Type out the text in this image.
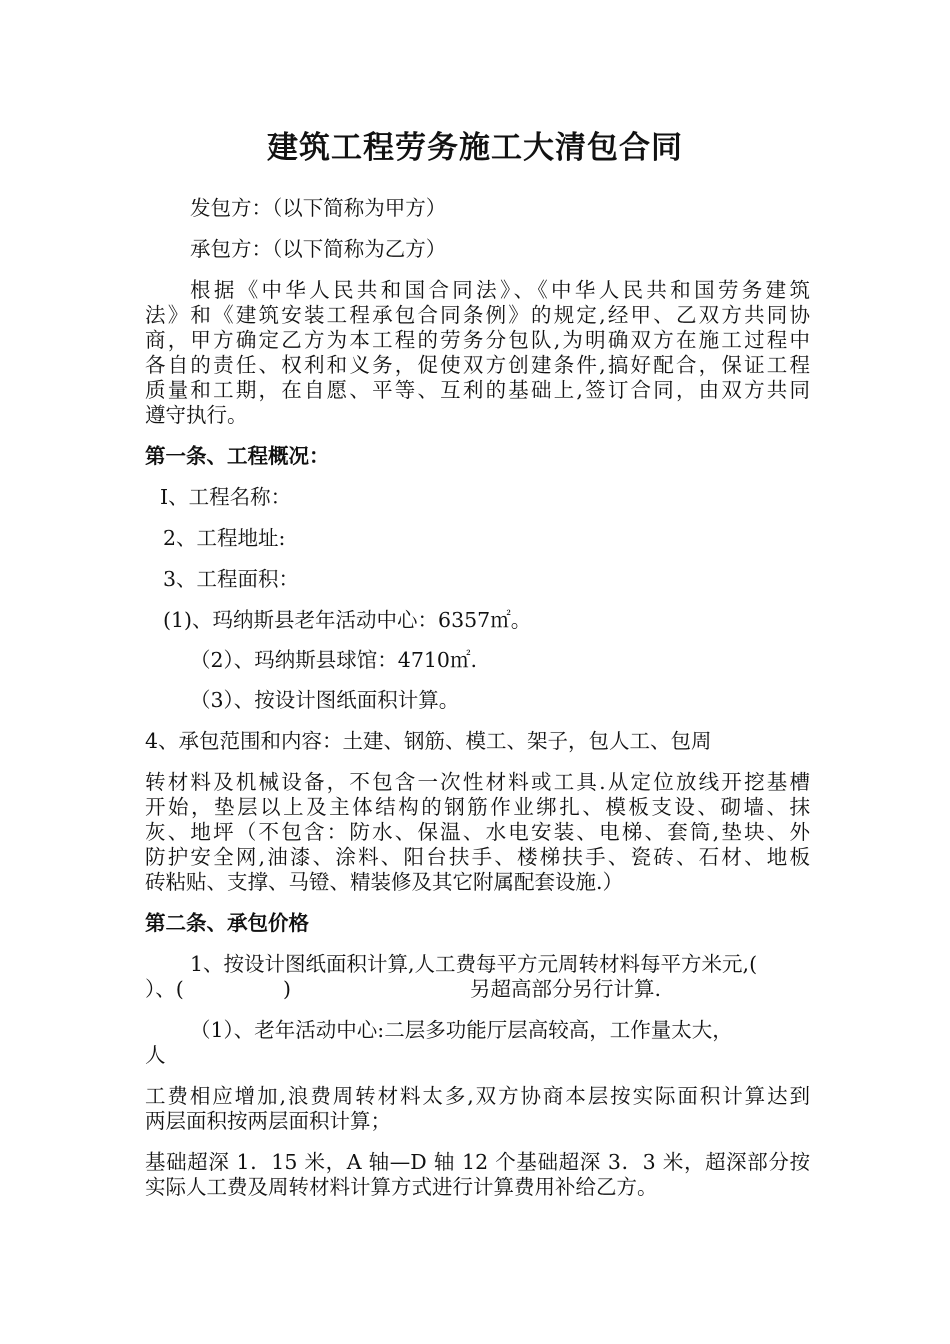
建筑工程劳务施工大清包合同
发包方：（以下简称为甲方）
承包方：（以下简称为乙方）
根据《中华人民共和国合同法》、《中华人民共和国劳务建筑
法》和《建筑安装工程承包合同条例》的规定,经甲、乙双方共同协
商，甲方确定乙方为本工程的劳务分包队,为明确双方在施工过程中
各自的责任、权利和义务，促使双方创建条件,搞好配合，保证工程
质量和工期，在自愿、平等、互利的基础上,签订合同，由双方共同
遵守执行。
第一条、工程概况：
I、工程名称：
2、工程地址:
3、工程面积：
(1)、玛纳斯县老年活动中心：6357㎡。
（2）、玛纳斯县球馆：4710㎡.
（3）、按设计图纸面积计算。
4、承包范围和内容：土建、钢筋、模工、架子，包人工、包周
转材料及机械设备，不包含一次性材料或工具.从定位放线开挖基槽
开始，垫层以上及主体结构的钢筋作业绑扎、模板支设、砌墙、抹
灰、地坪（不包含：防水、保温、水电安装、电梯、套筒,垫块、外
防护安全网,油漆、涂料、阳台扶手、楼梯扶手、瓷砖、石材、地板
砖粘贴、支撑、马镫、精装修及其它附属配套设施.）
第二条、承包价格
1、按设计图纸面积计算,人工费每平方元周转材料每平方米元,(
）、(	)	另超高部分另行计算.
（1）、老年活动中心:二层多功能厅层高较高，工作量太大，
人
工费相应增加,浪费周转材料太多,双方协商本层按实际面积计算达到
两层面积按两层面积计算；
基础超深 1．15 米，A 轴—D 轴 12 个基础超深 3．3 米，超深部分按
实际人工费及周转材料计算方式进行计算费用补给乙方。
